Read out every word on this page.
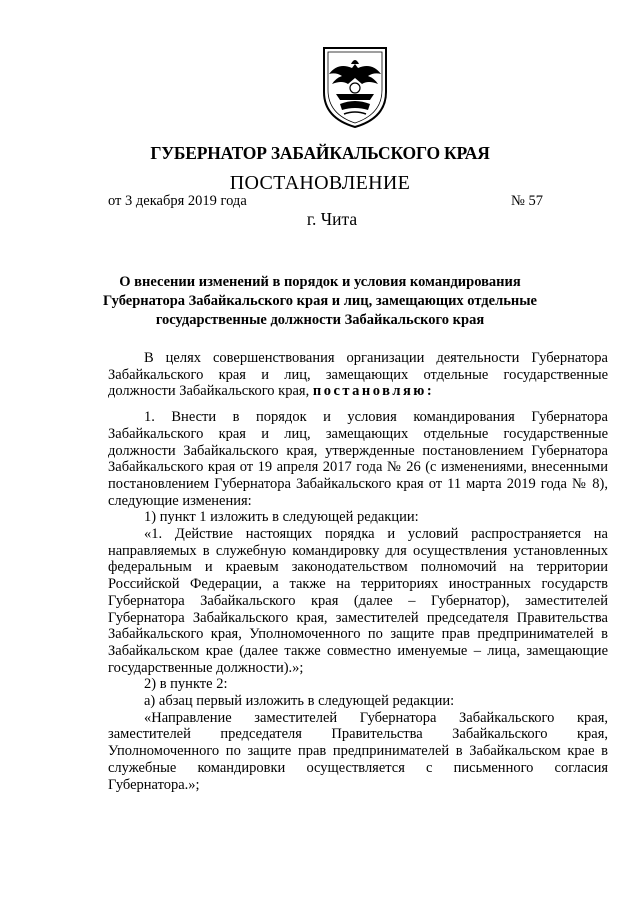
ГУБЕРНАТОР ЗАБАЙКАЛЬСКОГО КРАЯ
ПОСТАНОВЛЕНИЕ
от 3 декабря 2019 года	№ 57
г. Чита
О внесении изменений в порядок и условия командирования
Губернатора Забайкальского края и лиц, замещающих отдельные
государственные должности Забайкальского края

В целях совершенствования организации деятельности Губернатора Забайкальского края и лиц, замещающих отдельные государственные должности Забайкальского края, постановляю:

1. Внести в порядок и условия командирования Губернатора Забайкальского края и лиц, замещающих отдельные государственные должности Забайкальского края, утвержденные постановлением Губернатора Забайкальского края от 19 апреля 2017 года № 26 (с изменениями, внесенными постановлением Губернатора Забайкальского края от 11 марта 2019 года № 8), следующие изменения:

1) пункт 1 изложить в следующей редакции:

«1. Действие настоящих порядка и условий распространяется на направляемых в служебную командировку для осуществления установленных федеральным и краевым законодательством полномочий на территории Российской Федерации, а также на территориях иностранных государств Губернатора Забайкальского края (далее – Губернатор), заместителей Губернатора Забайкальского края, заместителей председателя Правительства Забайкальского края, Уполномоченного по защите прав предпринимателей в Забайкальском крае (далее также совместно именуемые – лица, замещающие государственные должности).»;

2) в пункте 2:

а) абзац первый изложить в следующей редакции:

«Направление заместителей Губернатора Забайкальского края, заместителей председателя Правительства Забайкальского края, Уполномоченного по защите прав предпринимателей в Забайкальском крае в служебные командировки осуществляется с письменного согласия Губернатора.»;
